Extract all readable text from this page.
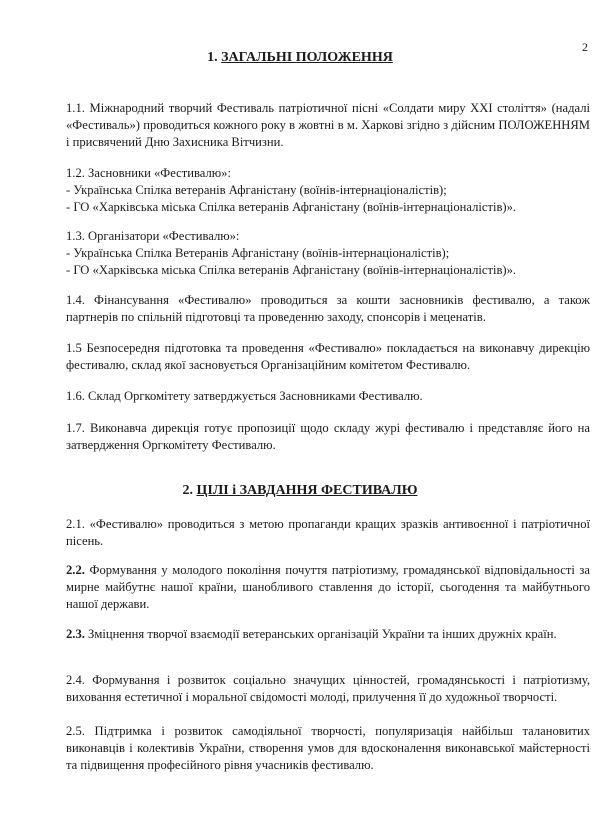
2
1. ЗАГАЛЬНІ ПОЛОЖЕННЯ

1.1. Міжнародний творчий Фестиваль патріотичної пісні «Солдати миру XXI століття» (надалі «Фестиваль») проводиться кожного року в жовтні в м. Харкові згідно з дійсним ПОЛОЖЕННЯМ і присвячений Дню Захисника Вітчизни.

1.2. Засновники «Фестивалю»:

- Українська Спілка ветеранів Афганістану (воїнів-інтернаціоналістів);

- ГО «Харківська міська Спілка ветеранів Афганістану (воїнів-інтернаціоналістів)».

1.3. Організатори «Фестивалю»:

- Українська Спілка Ветеранів Афганістану (воїнів-інтернаціоналістів);

- ГО «Харківська міська Спілка ветеранів Афганістану (воїнів-інтернаціоналістів)».

1.4. Фінансування «Фестивалю» проводиться за кошти засновників фестивалю, а також партнерів по спільній підготовці та проведенню заходу, спонсорів і меценатів.

1.5 Безпосередня підготовка та проведення «Фестивалю» покладається на виконавчу дирекцію фестивалю, склад якої засновується Організаційним комітетом Фестивалю.

1.6. Склад Оргкомітету затверджується Засновниками Фестивалю.

1.7. Виконавча дирекція готує пропозиції щодо складу журі фестивалю і представляє його на затвердження Оргкомітету Фестивалю.

2. ЦІЛІ і ЗАВДАННЯ ФЕСТИВАЛЮ

2.1. «Фестивалю» проводиться з метою пропаганди кращих зразків антивоєнної і патріотичної пісень.

2.2. Формування у молодого покоління почуття патріотизму, громадянської відповідальності за мирне майбутнє нашої країни, шанобливого ставлення до історії, сьогодення та майбутнього нашої держави.

2.3. Зміцнення творчої взаємодії ветеранських організацій України та інших дружніх країн.

2.4. Формування і розвиток соціально значущих цінностей, громадянськості і патріотизму, виховання естетичної і моральної свідомості молоді, прилучення її до художньої творчості.

2.5. Підтримка і розвиток самодіяльної творчості, популяризація найбільш талановитих виконавців і колективів України, створення умов для вдосконалення виконавської майстерності та підвищення професійного рівня учасників фестивалю.
